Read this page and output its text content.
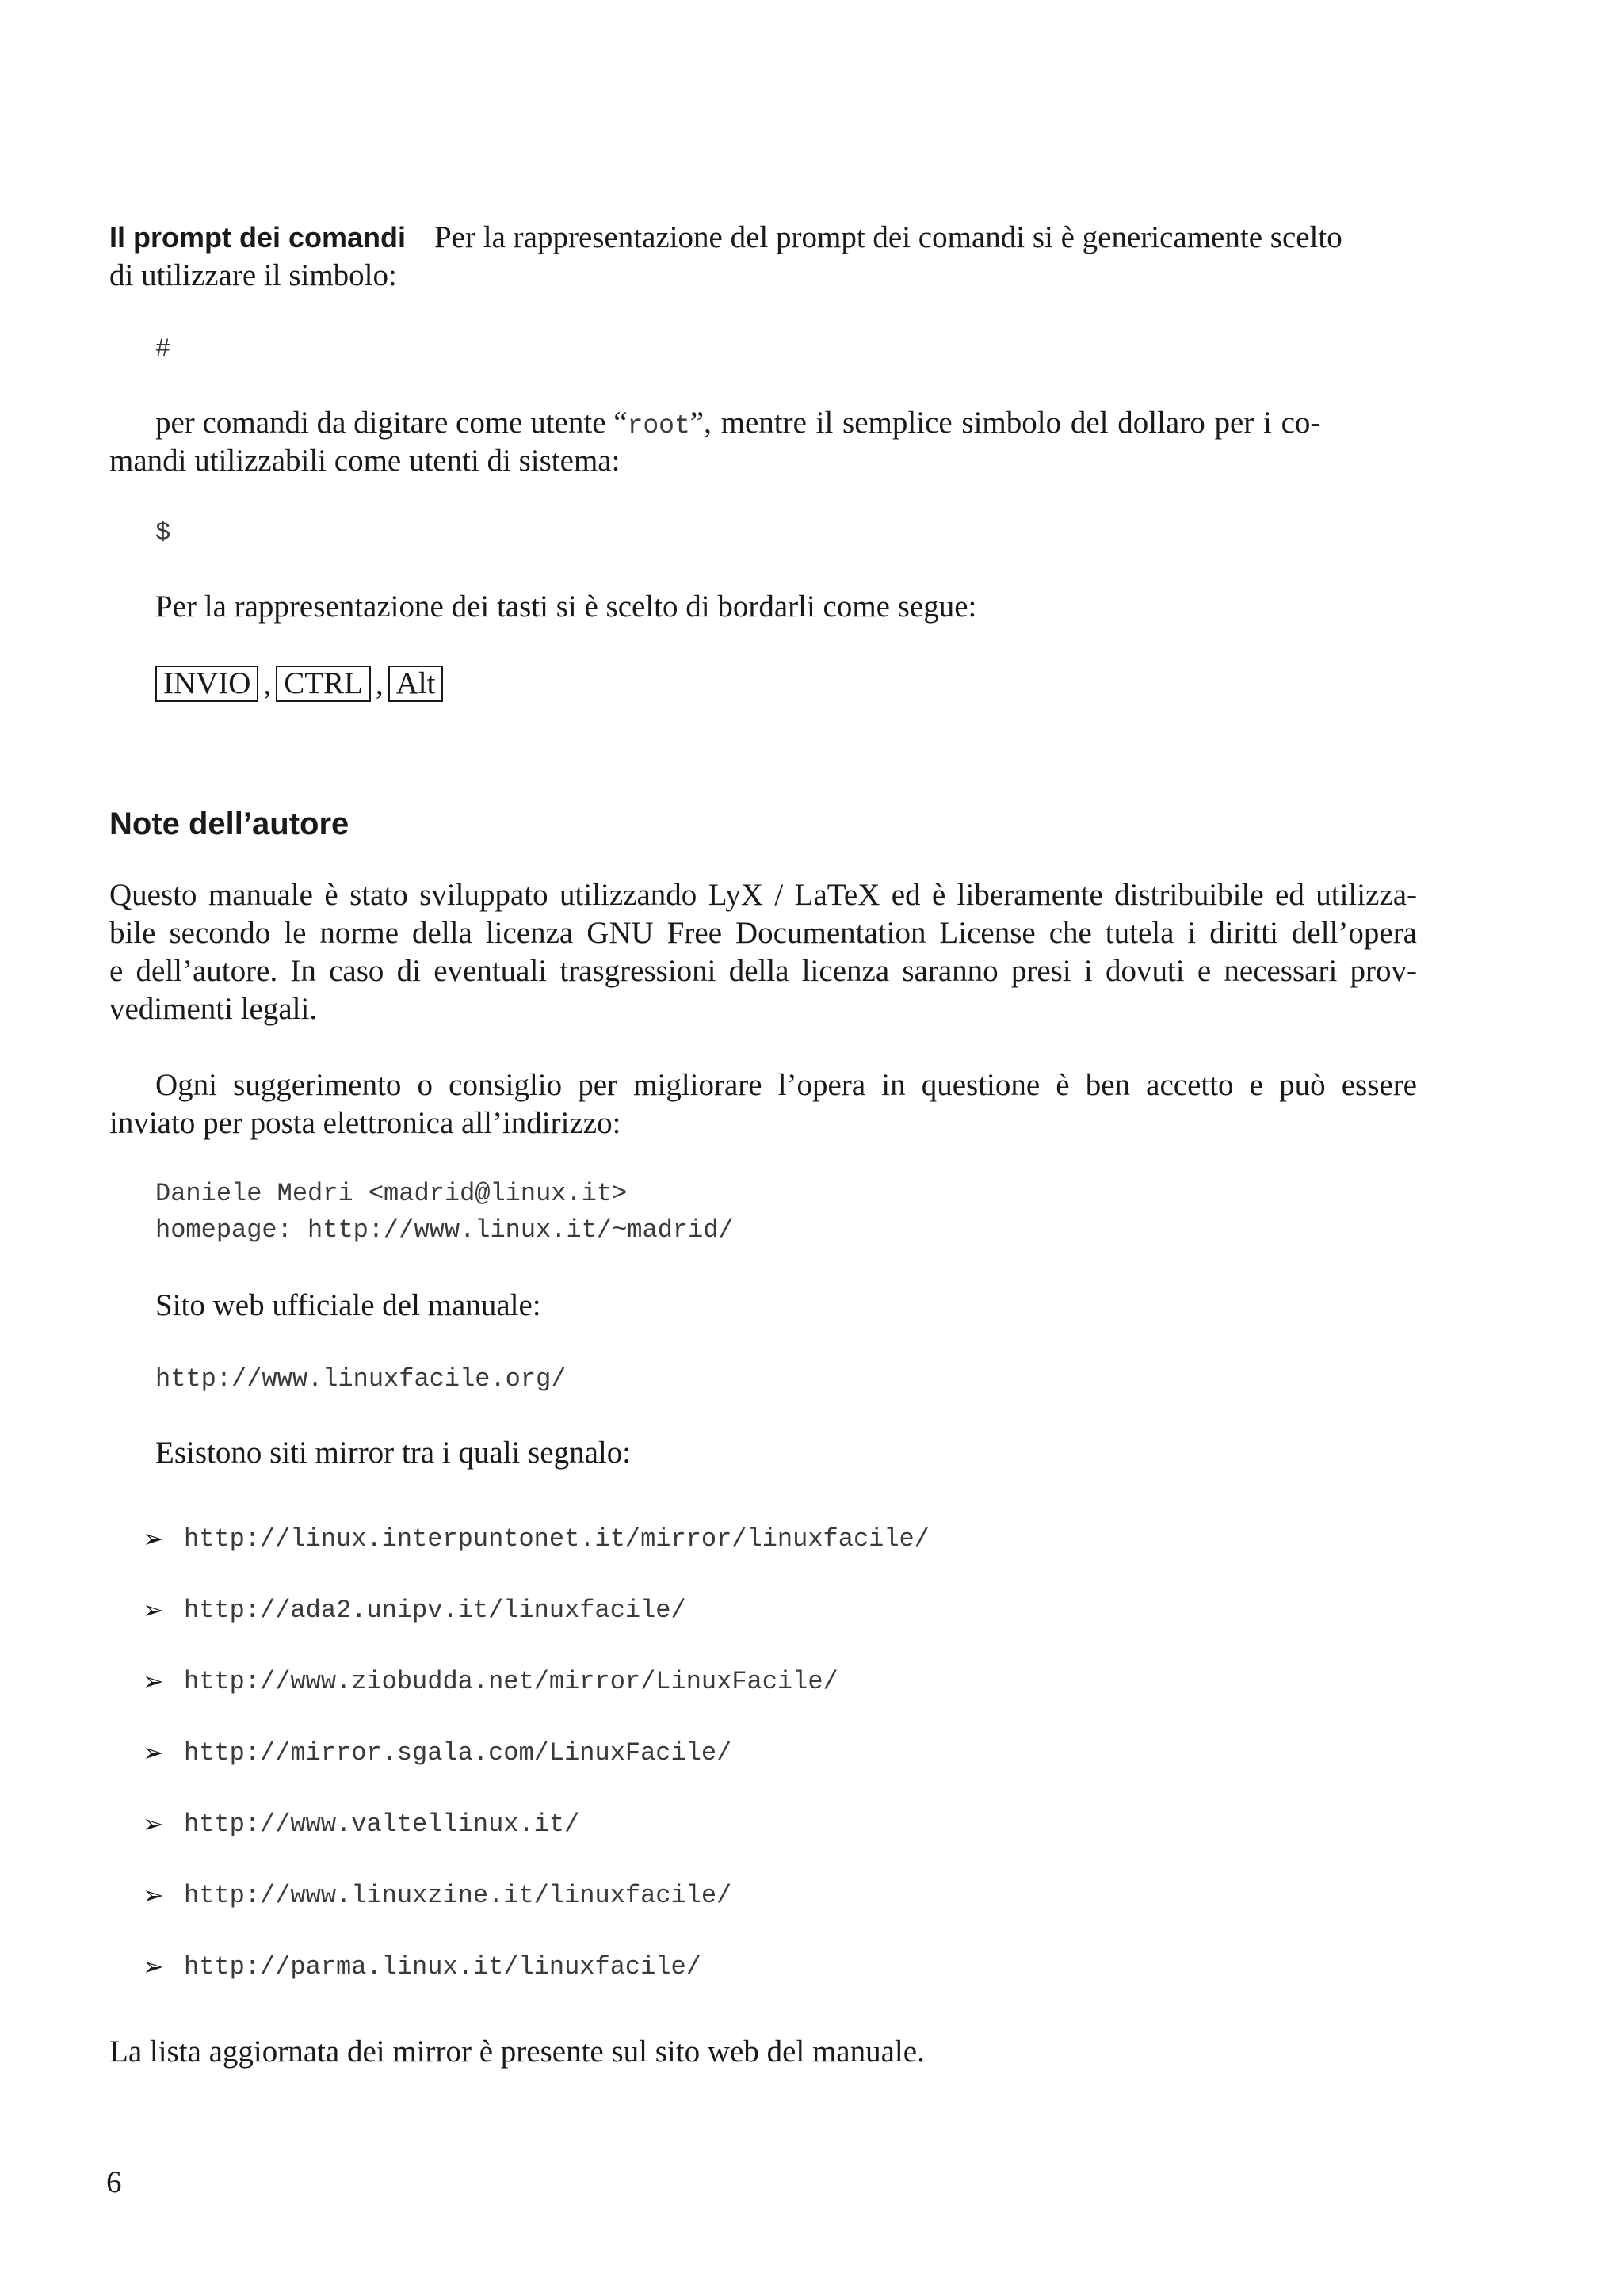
Il prompt dei comandi Per la rappresentazione del prompt dei comandi si è genericamente scelto
di utilizzare il simbolo:
#
per comandi da digitare come utente “root”, mentre il semplice simbolo del dollaro per i co-
mandi utilizzabili come utenti di sistema:
$
Per la rappresentazione dei tasti si è scelto di bordarli come segue:
INVIO , CTRL , Alt
Note dell’autore
Questo manuale è stato sviluppato utilizzando LyX / LaTeX ed è liberamente distribuibile ed utilizza-
bile secondo le norme della licenza GNU Free Documentation License che tutela i diritti dell’opera
e dell’autore. In caso di eventuali trasgressioni della licenza saranno presi i dovuti e necessari prov-
vedimenti legali.
Ogni suggerimento o consiglio per migliorare l’opera in questione è ben accetto e può essere
inviato per posta elettronica all’indirizzo:
Daniele Medri <madrid@linux.it>
homepage: http://www.linux.it/~madrid/
Sito web ufficiale del manuale:
http://www.linuxfacile.org/
Esistono siti mirror tra i quali segnalo:
➢ http://linux.interpuntonet.it/mirror/linuxfacile/
➢ http://ada2.unipv.it/linuxfacile/
➢ http://www.ziobudda.net/mirror/LinuxFacile/
➢ http://mirror.sgala.com/LinuxFacile/
➢ http://www.valtellinux.it/
➢ http://www.linuxzine.it/linuxfacile/
➢ http://parma.linux.it/linuxfacile/
La lista aggiornata dei mirror è presente sul sito web del manuale.
6
